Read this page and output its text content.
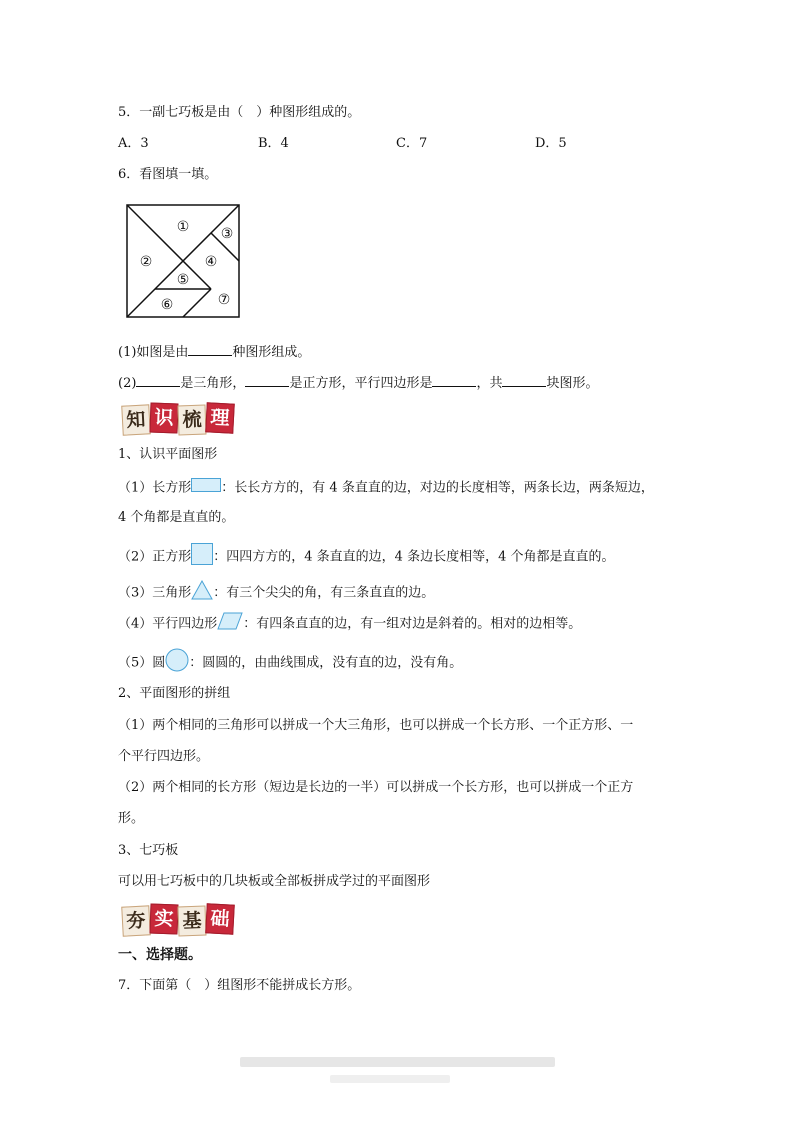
5．一副七巧板是由（　）种图形组成的。
A．3	B．4	C．7	D．5
6．看图填一填。
①
②
③
④
⑤
⑥	⑦
(1)如图是由	种图形组成。
(2)	是三角形，	是正方形，平行四边形是	，共	块图形。
知 识 梳 理
1、认识平面图形
（1）长方形 ：长长方方的，有 4 条直直的边，对边的长度相等，两条长边，两条短边，
4 个角都是直直的。
（2）正方形 ：四四方方的，4 条直直的边，4 条边长度相等，4 个角都是直直的。
（3）三角形 ：有三个尖尖的角，有三条直直的边。
（4）平行四边形 ：有四条直直的边，有一组对边是斜着的。相对的边相等。
（5）圆 ：圆圆的，由曲线围成，没有直的边，没有角。
2、平面图形的拼组
（1）两个相同的三角形可以拼成一个大三角形，也可以拼成一个长方形、一个正方形、一
个平行四边形。
（2）两个相同的长方形（短边是长边的一半）可以拼成一个长方形，也可以拼成一个正方
形。
3、七巧板
可以用七巧板中的几块板或全部板拼成学过的平面图形
夯 实 基 础
一、选择题。
7．下面第（　）组图形不能拼成长方形。
